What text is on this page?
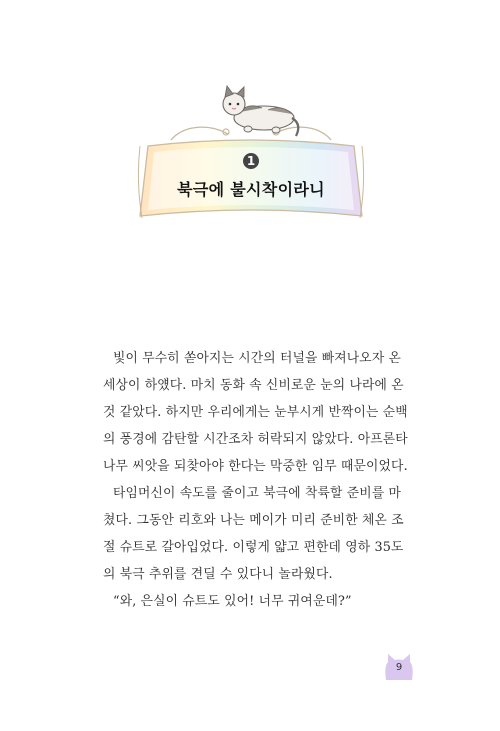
1
북극에 불시착이라니
빛이 무수히 쏟아지는 시간의 터널을 빠져나오자 온
세상이 하얬다. 마치 동화 속 신비로운 눈의 나라에 온
것 같았다. 하지만 우리에게는 눈부시게 반짝이는 순백
의 풍경에 감탄할 시간조차 허락되지 않았다. 아프론타
나무 씨앗을 되찾아야 한다는 막중한 임무 때문이었다.
타임머신이 속도를 줄이고 북극에 착륙할 준비를 마
쳤다. 그동안 리호와 나는 메이가 미리 준비한 체온 조
절 슈트로 갈아입었다. 이렇게 얇고 편한데 영하 35도
의 북극 추위를 견딜 수 있다니 놀라웠다.
“와, 은실이 슈트도 있어! 너무 귀여운데?”
9
